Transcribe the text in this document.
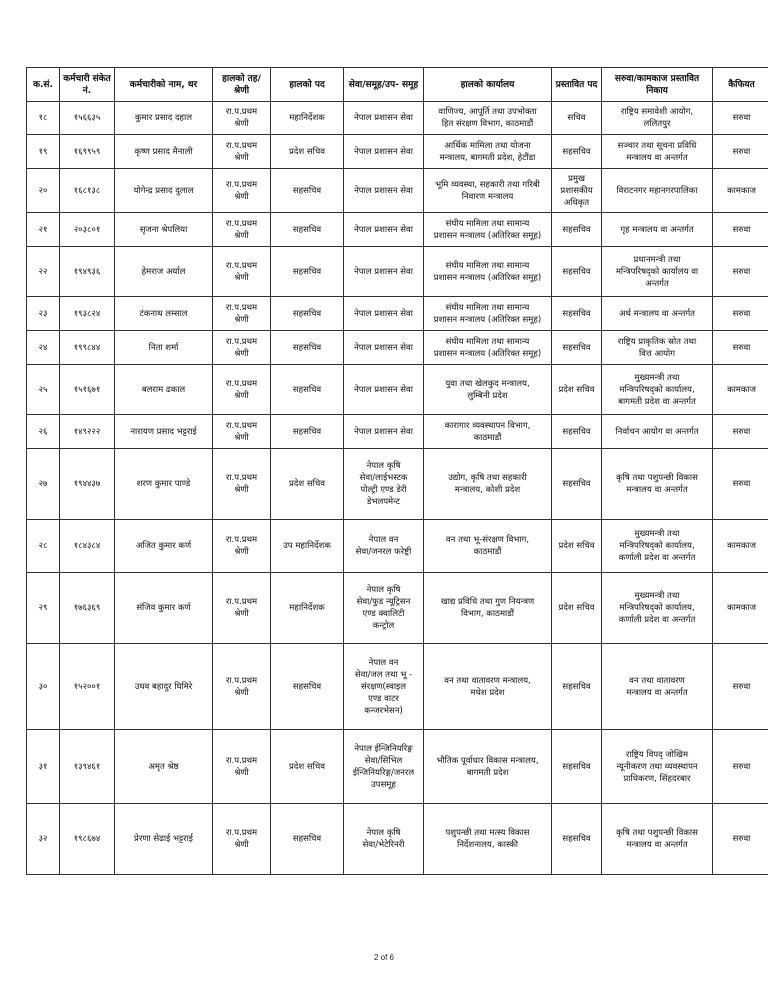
क.सं.	कर्मचारी संकेत नं.	कर्मचारीको नाम, थर	हालको तह/श्रेणी	हालको पद	सेवा/समूह/उप- समूह	हालको कार्यालय	प्रस्तावित पद	सरुवा/कामकाज प्रस्तावित निकाय	कैफियत
१८	१५६६३५	कुमार प्रसाद दहाल	रा.प.प्रथम
श्रेणी	महानिर्देशक	नेपाल प्रशासन सेवा	वाणिज्य, आपूर्ति तथा उपभोक्ता
हित संरक्षण विभाग, काठमाडौं	सचिव	राष्ट्रिय समावेशी आयोग,
ललितपुर	सरुवा
१९	१६९९५९	कृष्ण प्रसाद मैनाली	रा.प.प्रथम
श्रेणी	प्रदेश सचिव	नेपाल प्रशासन सेवा	आर्थिक मामिला तथा योजना
मन्त्रालय, बागमती प्रदेश, हेटौंडा	सहसचिव	सञ्चार तथा सूचना प्रविधि
मन्त्रालय वा अन्तर्गत	सरुवा
२०	१६८१३८	योगेन्द्र प्रसाद दुलाल	रा.प.प्रथम
श्रेणी	सहसचिव	नेपाल प्रशासन सेवा	भूमि व्यवस्था, सहकारी तथा गरिबी
निवारण मन्त्रालय	प्रमुख
प्रशासकीय
अधिकृत	विराटनगर महानगरपालिका	कामकाज
२१	२०३८०१	सृजना श्रेपलिया	रा.प.प्रथम
श्रेणी	सहसचिव	नेपाल प्रशासन सेवा	संघीय मामिला तथा सामान्य
प्रशासन मन्त्रालय (अतिरिक्त समूह)	सहसचिव	गृह मन्त्रालय वा अन्तर्गत	सरुवा
२२	१९४९३६	हेमराज अर्याल	रा.प.प्रथम
श्रेणी	सहसचिव	नेपाल प्रशासन सेवा	संघीय मामिला तथा सामान्य
प्रशासन मन्त्रालय (अतिरिक्त समूह)	सहसचिव	प्रधानमन्त्री तथा
मन्त्रिपरिषद्को कार्यालय वा
अन्तर्गत	सरुवा
२३	१९३८२४	टंकनाथ लम्साल	रा.प.प्रथम
श्रेणी	सहसचिव	नेपाल प्रशासन सेवा	संघीय मामिला तथा सामान्य
प्रशासन मन्त्रालय (अतिरिक्त समूह)	सहसचिव	अर्थ मन्त्रालय वा अन्तर्गत	सरुवा
२४	१९९८४४	निता शर्मा	रा.प.प्रथम
श्रेणी	सहसचिव	नेपाल प्रशासन सेवा	संघीय मामिला तथा सामान्य
प्रशासन मन्त्रालय (अतिरिक्त समूह)	सहसचिव	राष्ट्रिय प्राकृतिक स्रोत तथा
वित्त आयोग	सरुवा
२५	१५१६७१	बलराम ढकाल	रा.प.प्रथम
श्रेणी	सहसचिव	नेपाल प्रशासन सेवा	युवा तथा खेलकुद मन्त्रालय,
लुम्बिनी प्रदेश	प्रदेश सचिव	मुख्यमन्त्री तथा
मन्त्रिपरिषद्को कार्यालय,
बागमती प्रदेश वा अन्तर्गत	कामकाज
२६	१४९२२२	नारायण प्रसाद भट्टराई	रा.प.प्रथम
श्रेणी	सहसचिव	नेपाल प्रशासन सेवा	कारागार व्यवस्थापन विभाग,
काठमाडौं	सहसचिव	निर्वाचन आयोग वा अन्तर्गत	सरुवा
२७	१९४४३७	शरण कुमार पाण्डे	रा.प.प्रथम
श्रेणी	प्रदेश सचिव	नेपाल कृषि
सेवा/लाईभस्टक
पोल्ट्री एण्ड डेरी
डेभलपमेन्ट	उद्योग, कृषि तथा सहकारी
मन्त्रालय, कोशी प्रदेश	सहसचिव	कृषि तथा पशुपन्छी विकास
मन्त्रालय वा अन्तर्गत	सरुवा
२८	१८४३८४	अजित कुमार कर्ण	रा.प.प्रथम
श्रेणी	उप महानिर्देशक	नेपाल वन
सेवा/जनरल फरेष्ट्री	वन तथा भू-संरक्षण विभाग,
काठमाडौं	प्रदेश सचिव	मुख्यमन्त्री तथा
मन्त्रिपरिषद्को कार्यालय,
कर्णाली प्रदेश वा अन्तर्गत	कामकाज
२९	१७६३६९	संजिव कुमार कर्ण	रा.प.प्रथम
श्रेणी	महानिर्देशक	नेपाल कृषि
सेवा/फुड न्यूट्रिसन
एण्ड क्वालिटी
कन्ट्रोल	खाद्य प्रविधि तथा गुण नियन्त्रण
विभाग, काठमाडौं	प्रदेश सचिव	मुख्यमन्त्री तथा
मन्त्रिपरिषद्को कार्यालय,
कर्णाली प्रदेश वा अन्तर्गत	कामकाज
३०	१५२००१	उधव बहादुर घिमिरे	रा.प.प्रथम
श्रेणी	सहसचिव	नेपाल वन
सेवा/जल तथा भू -
संरक्षण(स्वाइल
एण्ड वाटर
कन्जरभेसन)	वन तथा वातावरण मन्त्रालय,
मधेश प्रदेश	सहसचिव	वन तथा वातावरण
मन्त्रालय वा अन्तर्गत	सरुवा
३१	१३९४६१	अमृत श्रेष्ठ	रा.प.प्रथम
श्रेणी	प्रदेश सचिव	नेपाल ईन्जिनियरिङ्ग
सेवा/सिभिल
ईन्जिनियरिङ्ग/जनरल
उपसमूह	भौतिक पूर्वाधार विकास मन्त्रालय,
बागमती प्रदेश	सहसचिव	राष्ट्रिय विपद् जोखिम
न्यूनीकरण तथा व्यवस्थापन
प्राधिकरण, सिंहदरबार	सरुवा
३२	१९८६७४	प्रेरणा सेढाई भट्टराई	रा.प.प्रथम
श्रेणी	सहसचिव	नेपाल कृषि
सेवा/भेटेरिनरी	पशुपन्छी तथा मत्स्य विकास
निर्देशनालय, कास्की	सहसचिव	कृषि तथा पशुपन्छी विकास
मन्त्रालय वा अन्तर्गत	सरुवा
2 of 6
